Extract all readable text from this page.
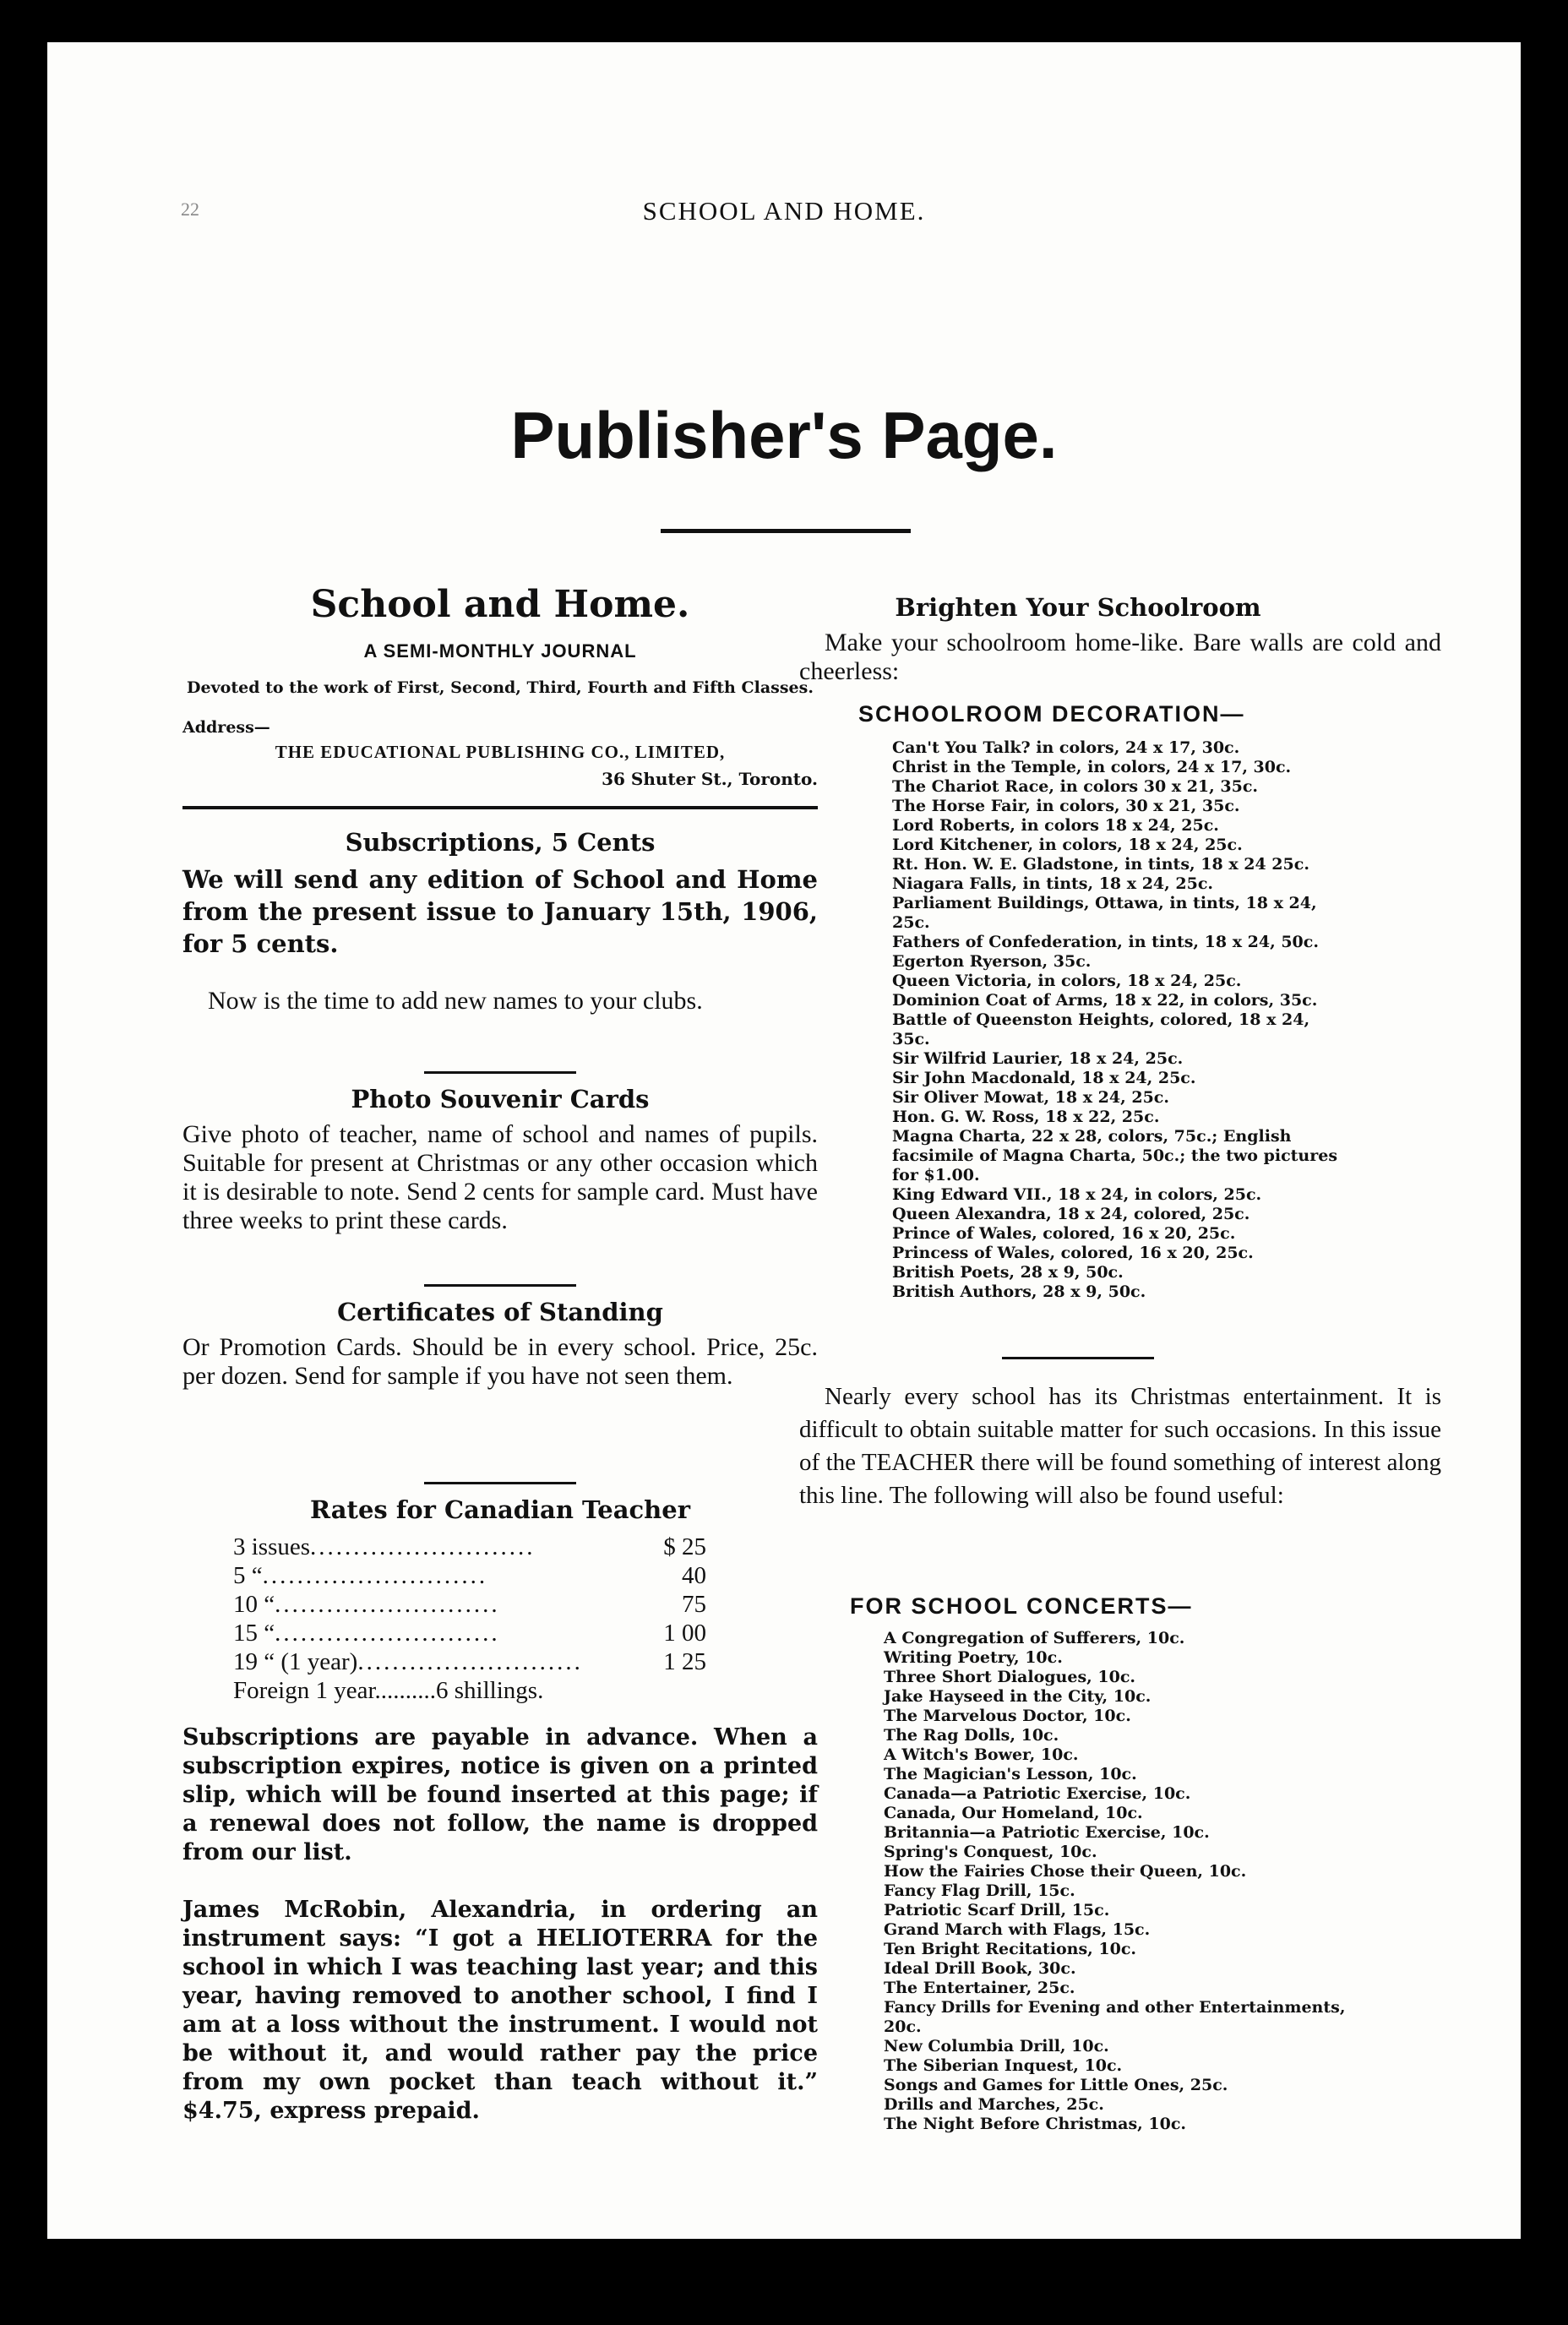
22	SCHOOL AND HOME.
Publisher's Page.
School and Home.
A SEMI-MONTHLY JOURNAL
Devoted to the work of First, Second, Third, Fourth and Fifth Classes.
Address—
THE EDUCATIONAL PUBLISHING CO., LIMITED,
36 Shuter St., Toronto.
Subscriptions, 5 Cents
We will send any edition of School and Home from the present issue to January 15th, 1906, for 5 cents.
Now is the time to add new names to your clubs.
Photo Souvenir Cards
Give photo of teacher, name of school and names of pupils. Suitable for present at Christmas or any other occasion which it is desirable to note. Send 2 cents for sample card. Must have three weeks to print these cards.
Certificates of Standing
Or Promotion Cards. Should be in every school. Price, 25c. per dozen. Send for sample if you have not seen them.
Rates for Canadian Teacher
3 issues ..........................	$ 25
5 “ ..........................	40
10 “ ..........................	75
15 “ ..........................	1 00
19 “ (1 year) ..........................	1 25
Foreign 1 year..........6 shillings.
Subscriptions are payable in advance. When a subscription expires, notice is given on a printed slip, which will be found inserted at this page; if a renewal does not follow, the name is dropped from our list.
James McRobin, Alexandria, in ordering an instrument says: “I got a HELIOTERRA for the school in which I was teaching last year; and this year, having removed to another school, I find I am at a loss without the instrument. I would not be without it, and would rather pay the price from my own pocket than teach without it.” $4.75, express prepaid.
Brighten Your Schoolroom
Make your schoolroom home-like. Bare walls are cold and cheerless:
SCHOOLROOM DECORATION—
Can't You Talk? in colors, 24 x 17, 30c.
Christ in the Temple, in colors, 24 x 17, 30c.
The Chariot Race, in colors 30 x 21, 35c.
The Horse Fair, in colors, 30 x 21, 35c.
Lord Roberts, in colors 18 x 24, 25c.
Lord Kitchener, in colors, 18 x 24, 25c.
Rt. Hon. W. E. Gladstone, in tints, 18 x 24 25c.
Niagara Falls, in tints, 18 x 24, 25c.
Parliament Buildings, Ottawa, in tints, 18 x 24, 25c.
Fathers of Confederation, in tints, 18 x 24, 50c.
Egerton Ryerson, 35c.
Queen Victoria, in colors, 18 x 24, 25c.
Dominion Coat of Arms, 18 x 22, in colors, 35c.
Battle of Queenston Heights, colored, 18 x 24, 35c.
Sir Wilfrid Laurier, 18 x 24, 25c.
Sir John Macdonald, 18 x 24, 25c.
Sir Oliver Mowat, 18 x 24, 25c.
Hon. G. W. Ross, 18 x 22, 25c.
Magna Charta, 22 x 28, colors, 75c.; English facsimile of Magna Charta, 50c.; the two pictures for $1.00.
King Edward VII., 18 x 24, in colors, 25c.
Queen Alexandra, 18 x 24, colored, 25c.
Prince of Wales, colored, 16 x 20, 25c.
Princess of Wales, colored, 16 x 20, 25c.
British Poets, 28 x 9, 50c.
British Authors, 28 x 9, 50c.
Nearly every school has its Christmas entertainment. It is difficult to obtain suitable matter for such occasions. In this issue of the TEACHER there will be found something of interest along this line. The following will also be found useful:
FOR SCHOOL CONCERTS—
A Congregation of Sufferers, 10c.
Writing Poetry, 10c.
Three Short Dialogues, 10c.
Jake Hayseed in the City, 10c.
The Marvelous Doctor, 10c.
The Rag Dolls, 10c.
A Witch's Bower, 10c.
The Magician's Lesson, 10c.
Canada—a Patriotic Exercise, 10c.
Canada, Our Homeland, 10c.
Britannia—a Patriotic Exercise, 10c.
Spring's Conquest, 10c.
How the Fairies Chose their Queen, 10c.
Fancy Flag Drill, 15c.
Patriotic Scarf Drill, 15c.
Grand March with Flags, 15c.
Ten Bright Recitations, 10c.
Ideal Drill Book, 30c.
The Entertainer, 25c.
Fancy Drills for Evening and other Entertainments, 20c.
New Columbia Drill, 10c.
The Siberian Inquest, 10c.
Songs and Games for Little Ones, 25c.
Drills and Marches, 25c.
The Night Before Christmas, 10c.
